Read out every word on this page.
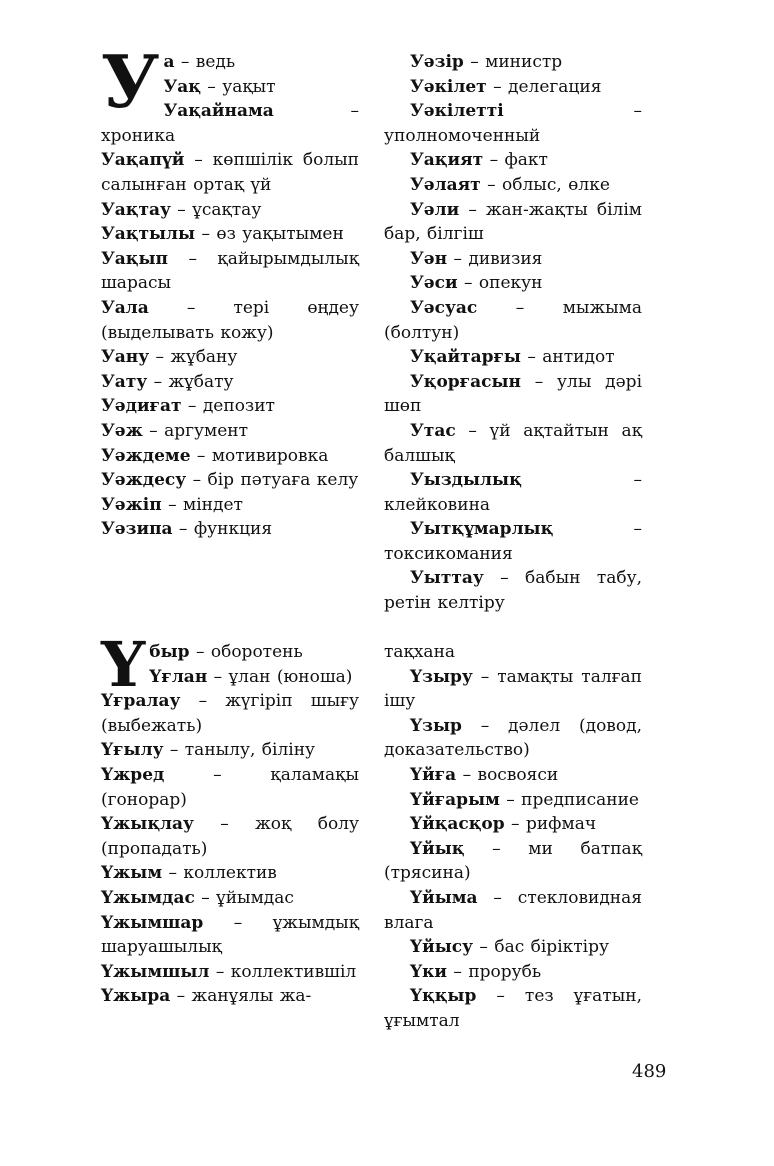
Уа – ведь

Уақ – уақыт

Уақайнама – хроника

Уақапүй – көпшілік болып салынған ортақ үй

Уақтау – ұсақтау

Уақтылы – өз уақытымен

Уақып – қайырымдылық шарасы

Уала – тері өңдеу (выделывать кожу)

Уану – жұбану

Уату – жұбату

Уәдиғат – депозит

Уәж – аргумент

Уәждеме – мотивировка

Уәждесу – бір пәтуаға келу

Уәжіп – міндет

Уәзипа – функция

Уәзір – министр

Уәкілет – делегация

Уәкілетті – уполномоченный

Уақият – факт

Уәлаят – облыс, өлке

Уәли – жан-жақты білім бар, білгіш

Уән – дивизия

Уәси – опекун

Уәсуас – мыжыма (болтун)

Уқайтарғы – антидот

Уқорғасын – улы дәрі шөп

Утас – үй ақтайтын ақ балшық

Уыздылық – клейковина

Уытқұмарлық – токсикомания

Уыттау – бабын табу, ретін келтіру

Үбыр – оборотень

Үғлан – ұлан (юноша)

Үғралау – жүгіріп шығу (выбежать)

Үғылу – танылу, біліну

Үжред – қаламақы (гонорар)

Үжықлау – жоқ болу (пропадать)

Үжым – коллектив

Үжымдас – ұйымдас

Үжымшар – ұжымдық шаруашылық

Үжымшыл – коллектившіл

Үжыра – жанұялы жа-

тақхана

Үзыру – тамақты талғап ішу

Үзыр – дәлел (довод, доказательство)

Үйға – восвояси

Үйғарым – предписание

Үйқасқор – рифмач

Үйық – ми батпақ (трясина)

Үйыма – стекловидная влага

Үйысу – бас біріктіру

Үки – прорубь

Үққыр – тез ұғатын, ұғымтал

489
